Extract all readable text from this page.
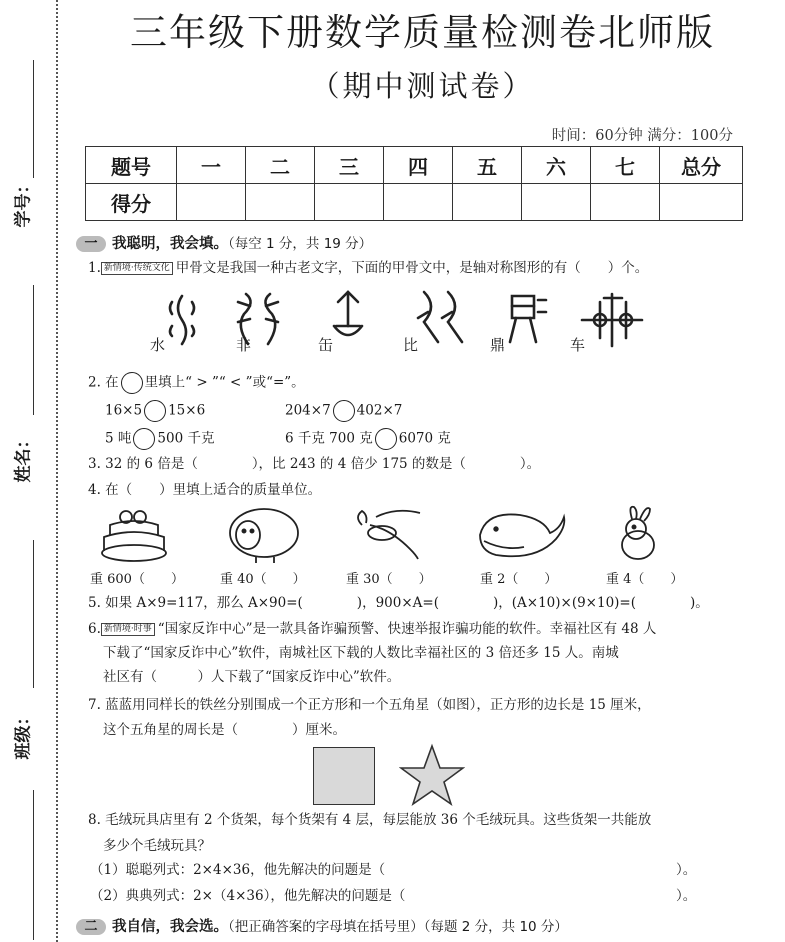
学号：
姓名：
班级：
三年级下册数学质量检测卷北师版
（期中测试卷）
时间：60分钟 满分：100分
题号	一	二	三	四	五	六	七	总分
得分								
一 我聪明，我会填。（每空 1 分，共 19 分）
1. 新情境·传统文化 甲骨文是我国一种古老文字，下面的甲骨文中，是轴对称图形的有（　　）个。
水	非	缶	比	鼎	车
2. 在 里填上“ > ”“ < ”或“=”。
16×5 15×6	204×7 402×7
5 吨 500 千克	6 千克 700 克 6070 克
3. 32 的 6 倍是（　　　　），比 243 的 4 倍少 175 的数是（　　　　）。
4. 在（　　）里填上适合的质量单位。
重 600（　　）	重 40（　　）	重 30（　　）	重 2（　　）	重 4（　　）
5. 如果 A×9=117，那么 A×90=(　　　　)，900×A=(　　　　)，(A×10)×(9×10)=(　　　　)。
6. 新情境·时事 “国家反诈中心”是一款具备诈骗预警、快速举报诈骗功能的软件。幸福社区有 48 人
下载了“国家反诈中心”软件，南城社区下载的人数比幸福社区的 3 倍还多 15 人。南城
社区有（　　　）人下载了“国家反诈中心”软件。
7. 蓝蓝用同样长的铁丝分别围成一个正方形和一个五角星（如图），正方形的边长是 15 厘米，
这个五角星的周长是（　　　　）厘米。
8. 毛绒玩具店里有 2 个货架，每个货架有 4 层，每层能放 36 个毛绒玩具。这些货架一共能放
多少个毛绒玩具？
（1）聪聪列式：2×4×36，他先解决的问题是（	）。
（2）典典列式：2×（4×36），他先解决的问题是（	）。
二 我自信，我会选。（把正确答案的字母填在括号里）（每题 2 分，共 10 分）
